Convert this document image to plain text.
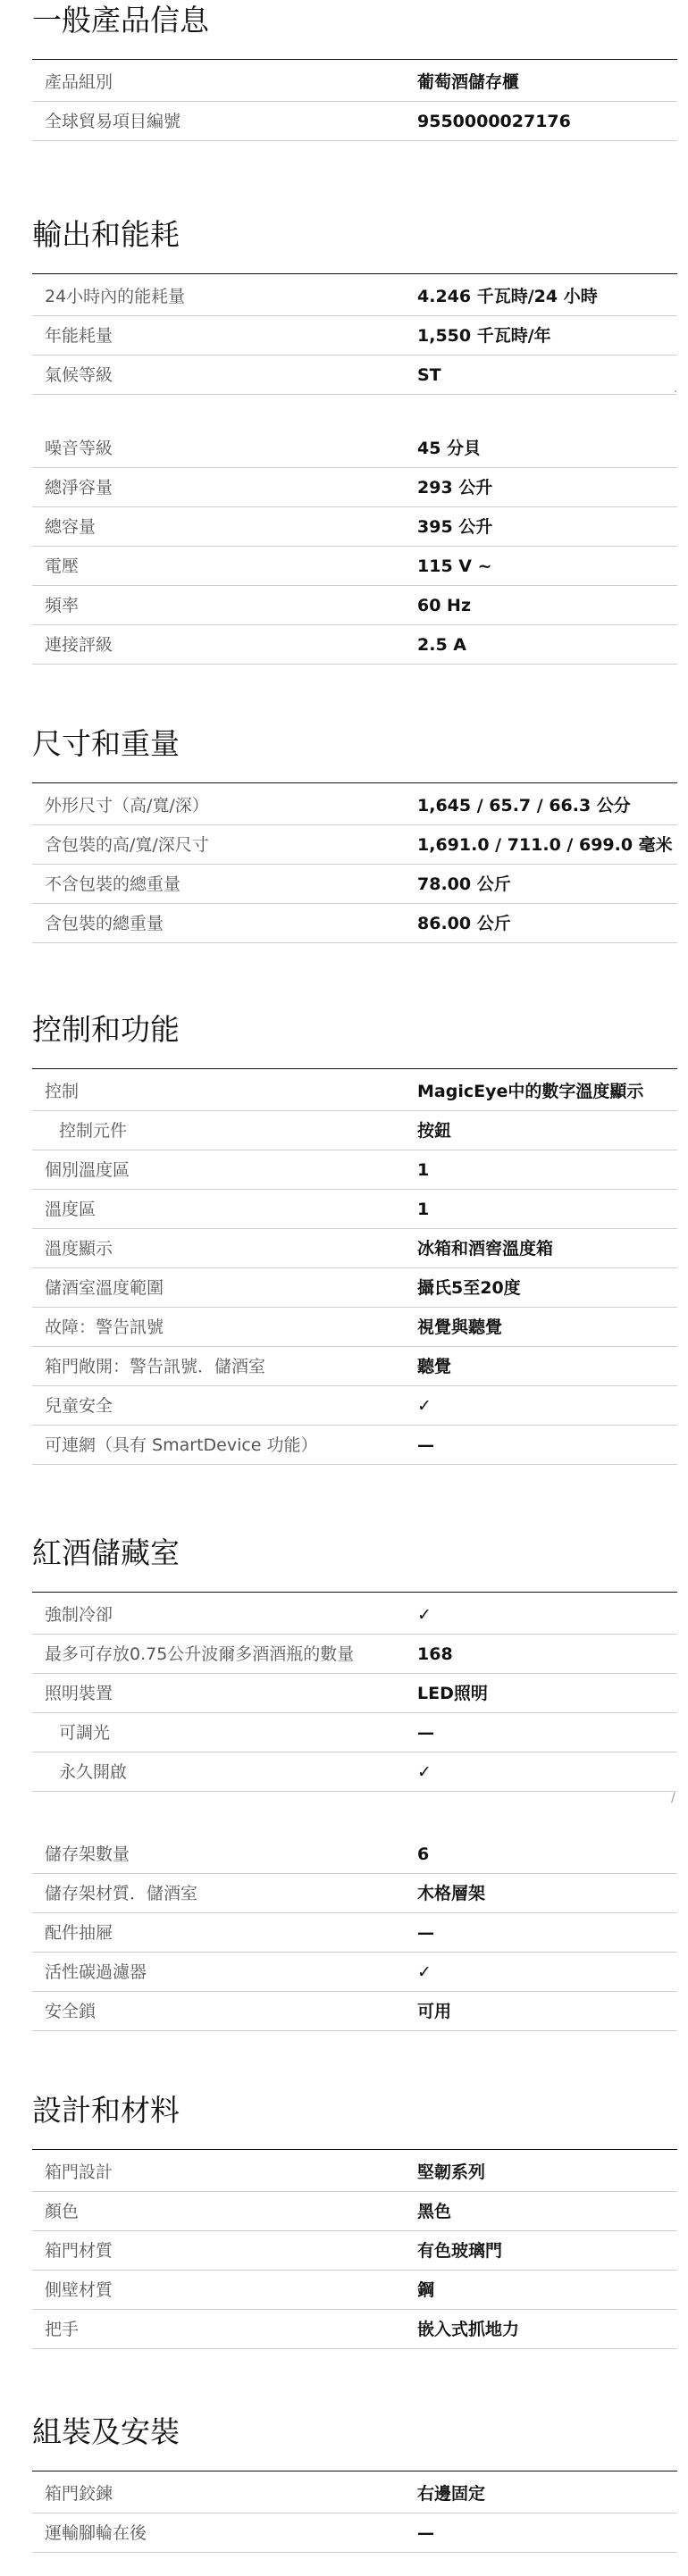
一般產品信息
產品組別	葡萄酒儲存櫃
全球貿易項目編號	9550000027176
輸出和能耗
24小時內的能耗量	4.246 千瓦時/24 小時
年能耗量	1,550 千瓦時/年
氣候等級	ST
噪音等級	45 分貝
總淨容量	293 公升
總容量	395 公升
電壓	115 V ~
頻率	60 Hz
連接評級	2.5 A
尺寸和重量
外形尺寸（高/寬/深）	1,645 / 65.7 / 66.3 公分
含包裝的高/寬/深尺寸	1,691.0 / 711.0 / 699.0 毫米
不含包裝的總重量	78.00 公斤
含包裝的總重量	86.00 公斤
控制和功能
控制	MagicEye中的數字溫度顯示
控制元件	按鈕
個別溫度區	1
溫度區	1
溫度顯示	冰箱和酒窖溫度箱
儲酒室溫度範圍	攝氏5至20度
故障：警告訊號	視覺與聽覺
箱門敞開：警告訊號．儲酒室	聽覺
兒童安全	✓
可連網（具有 SmartDevice 功能）	—
紅酒儲藏室
強制冷卻	✓
最多可存放0.75公升波爾多酒酒瓶的數量	168
照明裝置	LED照明
可調光	—
永久開啟	✓
儲存架數量	6
儲存架材質．儲酒室	木格層架
配件抽屜	—
活性碳過濾器	✓
安全鎖	可用
設計和材料
箱門設計	堅韌系列
顏色	黑色
箱門材質	有色玻璃門
側壁材質	鋼
把手	嵌入式抓地力
組裝及安裝
箱門鉸鍊	右邊固定
運輸腳輪在後	—
.
/
